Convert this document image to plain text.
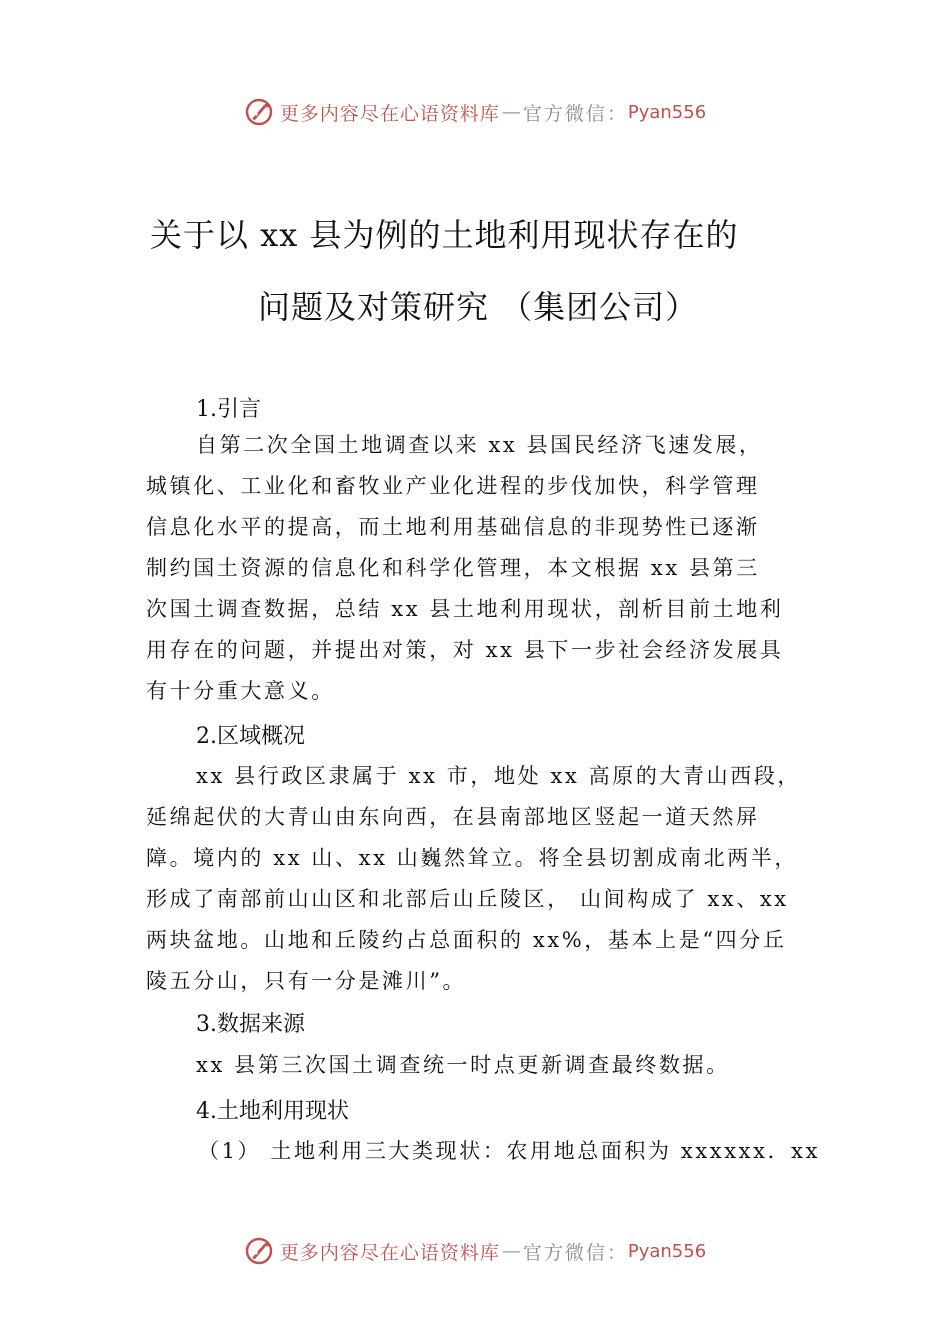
更多内容尽在心语资料库 — 官方微信： Pyan556
关于以 xx 县为例的土地利用现状存在的
问题及对策研究 （集团公司）
1.引言
自第二次全国土地调查以来 xx 县国民经济飞速发展，
城镇化、工业化和畜牧业产业化进程的步伐加快，科学管理
信息化水平的提高，而土地利用基础信息的非现势性已逐渐
制约国土资源的信息化和科学化管理，本文根据 xx 县第三
次国土调查数据，总结 xx 县土地利用现状，剖析目前土地利
用存在的问题，并提出对策，对 xx 县下一步社会经济发展具
有十分重大意义。
2.区域概况
xx 县行政区隶属于 xx 市，地处 xx 高原的大青山西段，
延绵起伏的大青山由东向西，在县南部地区竖起一道天然屏
障。境内的 xx 山、xx 山巍然耸立。将全县切割成南北两半，
形成了南部前山山区和北部后山丘陵区， 山间构成了 xx、xx
两块盆地。山地和丘陵约占总面积的 xx%，基本上是“四分丘
陵五分山，只有一分是滩川”。
3.数据来源
xx 县第三次国土调查统一时点更新调查最终数据。
4.土地利用现状
（1） 土地利用三大类现状：农用地总面积为 xxxxxx．xx
更多内容尽在心语资料库 — 官方微信： Pyan556
